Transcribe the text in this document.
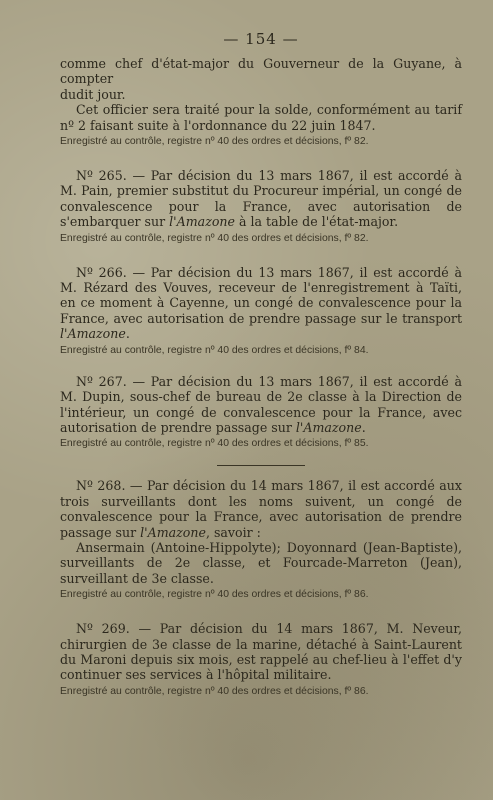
— 154 —

comme chef d'état-major du Gouverneur de la Guyane, à compter
dudit jour.

Cet officier sera traité pour la solde, conformément au tarif nº 2 faisant suite à l'ordonnance du 22 juin 1847.

Enregistré au contrôle, registre nº 40 des ordres et décisions, fº 82.

Nº 265. — Par décision du 13 mars 1867, il est accordé à M. Pain, premier substitut du Procureur impérial, un congé de convalescence pour la France, avec autorisation de s'embarquer sur l'Amazone à la table de l'état-major.

Enregistré au contrôle, registre nº 40 des ordres et décisions, fº 82.

Nº 266. — Par décision du 13 mars 1867, il est accordé à M. Rézard des Vouves, receveur de l'enregistrement à Taïti, en ce moment à Cayenne, un congé de convalescence pour la France, avec autorisation de prendre passage sur le transport l'Amazone.

Enregistré au contrôle, registre nº 40 des ordres et décisions, fº 84.

Nº 267. — Par décision du 13 mars 1867, il est accordé à M. Dupin, sous-chef de bureau de 2e classe à la Direction de l'intérieur, un congé de convalescence pour la France, avec autorisation de prendre passage sur l'Amazone.

Enregistré au contrôle, registre nº 40 des ordres et décisions, fº 85.

Nº 268. — Par décision du 14 mars 1867, il est accordé aux trois surveillants dont les noms suivent, un congé de convalescence pour la France, avec autorisation de prendre passage sur l'Amazone, savoir :

Ansermain (Antoine-Hippolyte); Doyonnard (Jean-Baptiste), surveillants de 2e classe, et Fourcade-Marreton (Jean), surveillant de 3e classe.

Enregistré au contrôle, registre nº 40 des ordres et décisions, fº 86.

Nº 269. — Par décision du 14 mars 1867, M. Neveur, chirurgien de 3e classe de la marine, détaché à Saint-Laurent du Maroni depuis six mois, est rappelé au chef-lieu à l'effet d'y continuer ses services à l'hôpital militaire.

Enregistré au contrôle, registre nº 40 des ordres et décisions, fº 86.
